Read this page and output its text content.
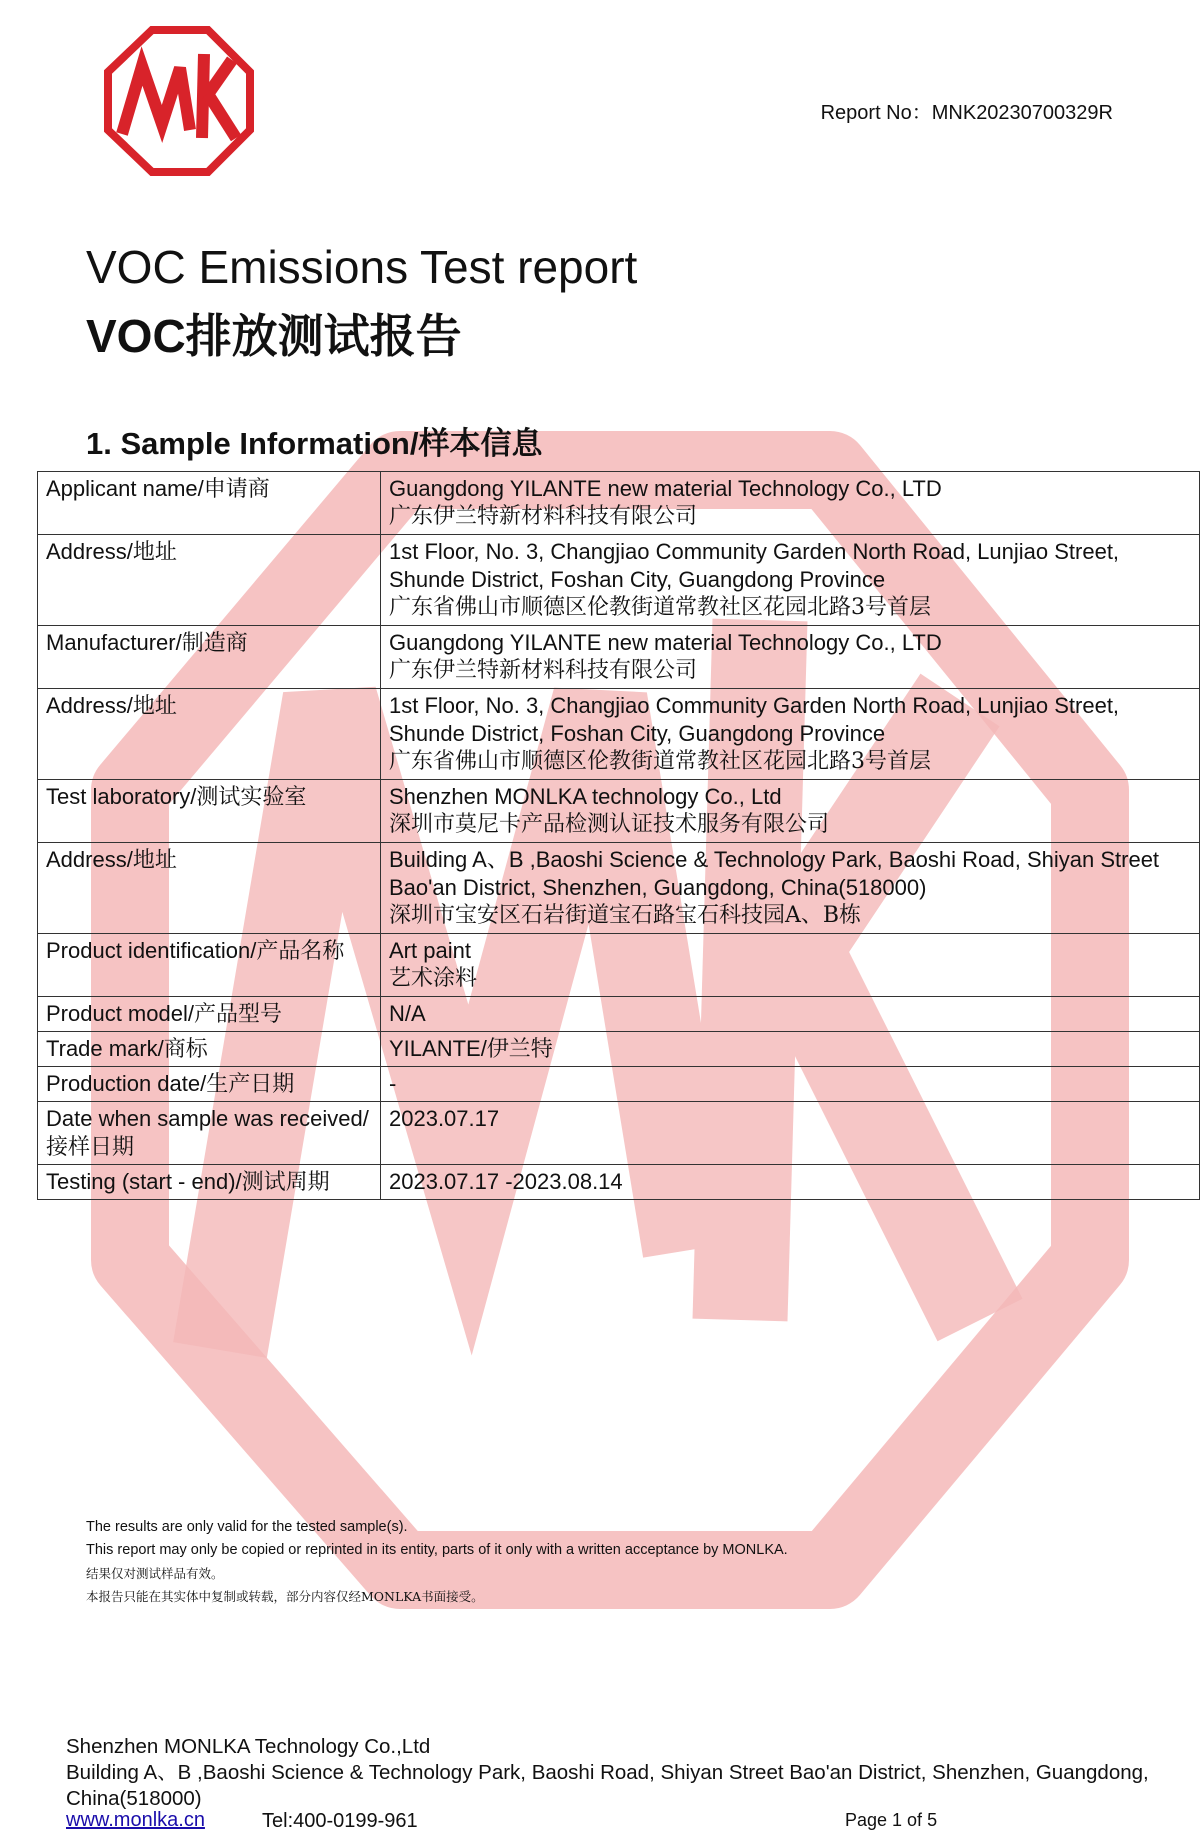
Report No：MNK20230700329R
VOC Emissions Test report
VOC排放测试报告
1. Sample Information/样本信息
Applicant name/申请商	Guangdong YILANTE new material Technology Co., LTD
广东伊兰特新材料科技有限公司

Address/地址	1st Floor, No. 3, Changjiao Community Garden North Road, Lunjiao Street,
Shunde District, Foshan City, Guangdong Province
广东省佛山市顺德区伦教街道常教社区花园北路3号首层

Manufacturer/制造商	Guangdong YILANTE new material Technology Co., LTD
广东伊兰特新材料科技有限公司

Address/地址	1st Floor, No. 3, Changjiao Community Garden North Road, Lunjiao Street,
Shunde District, Foshan City, Guangdong Province
广东省佛山市顺德区伦教街道常教社区花园北路3号首层

Test laboratory/测试实验室	Shenzhen MONLKA technology Co., Ltd
深圳市莫尼卡产品检测认证技术服务有限公司

Address/地址	Building A、B ,Baoshi Science & Technology Park, Baoshi Road, Shiyan Street
Bao'an District, Shenzhen, Guangdong, China(518000)
深圳市宝安区石岩街道宝石路宝石科技园A、B栋

Product identification/产品名称	Art paint
艺术涂料

Product model/产品型号	N/A
Trade mark/商标	YILANTE/伊兰特
Production date/生产日期	-
Date when sample was received/接样日期	2023.07.17
Testing (start - end)/测试周期	2023.07.17 -2023.08.14
The results are only valid for the tested sample(s).
This report may only be copied or reprinted in its entity, parts of it only with a written acceptance by MONLKA.
结果仅对测试样品有效。
本报告只能在其实体中复制或转载，部分内容仅经MONLKA书面接受。
Shenzhen MONLKA Technology Co.,Ltd
Building A、B ,Baoshi Science & Technology Park, Baoshi Road, Shiyan Street Bao'an District, Shenzhen, Guangdong, China(518000)
www.monlka.cn	Tel:400-0199-961	Page 1 of 5
